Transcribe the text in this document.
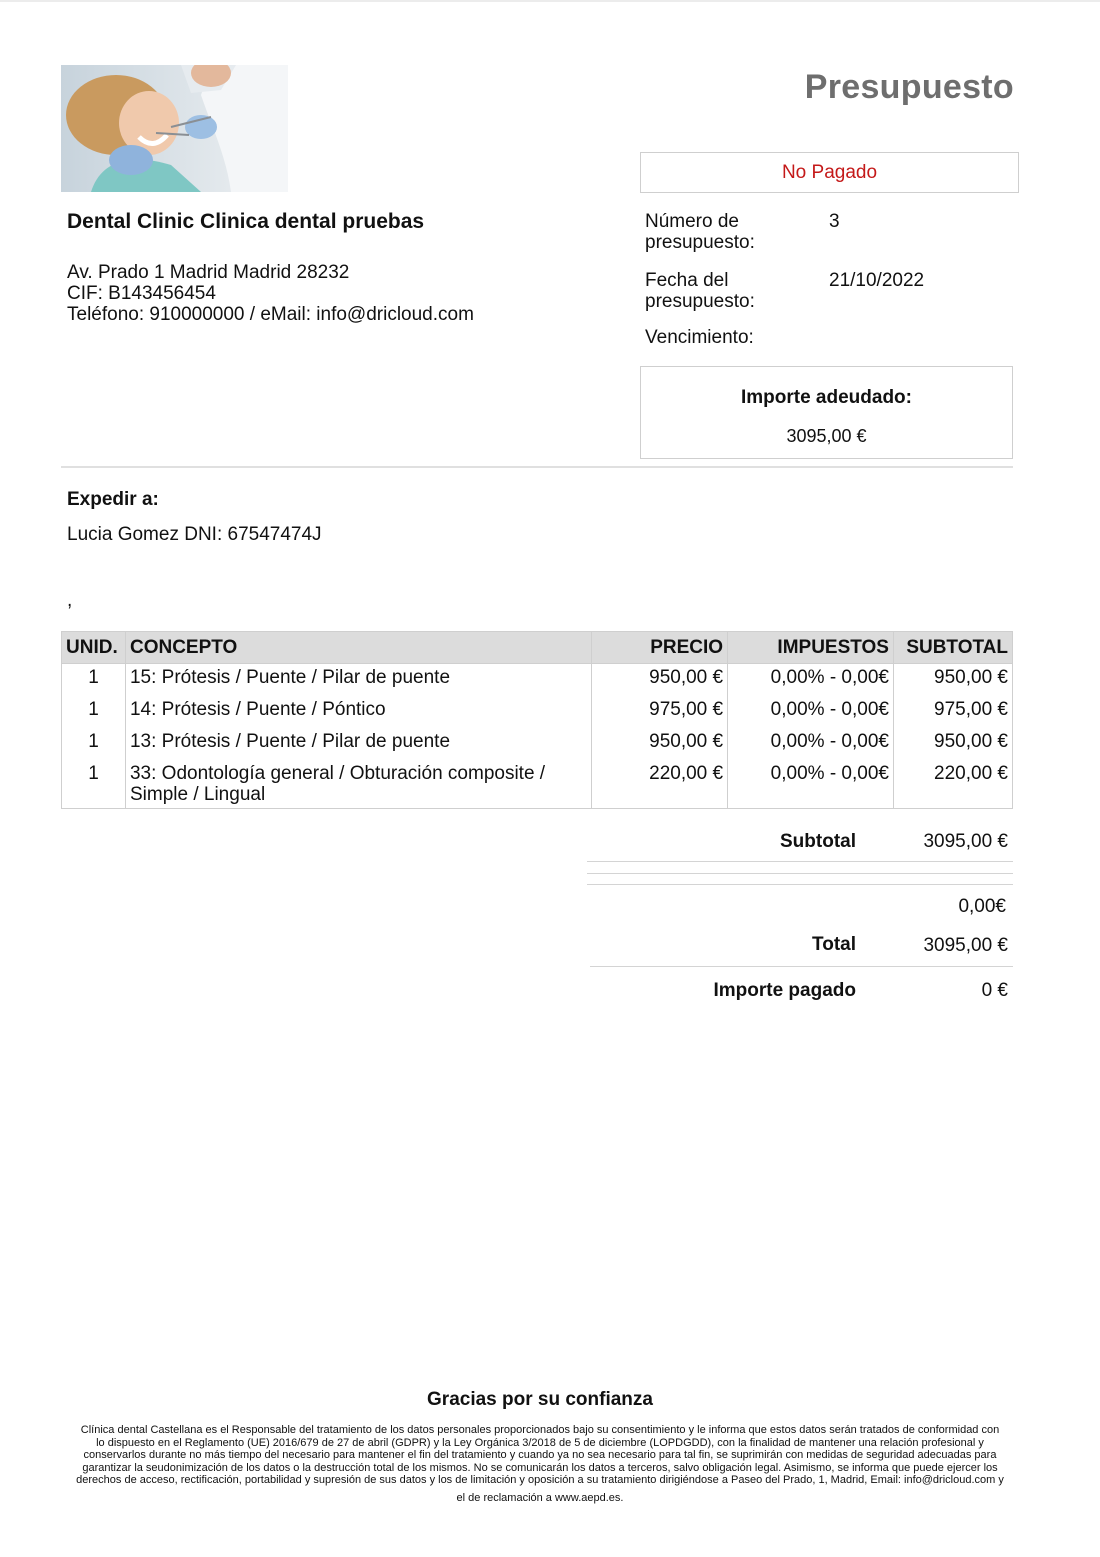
Presupuesto
No Pagado
Dental Clinic Clinica dental pruebas
Av. Prado 1 Madrid Madrid 28232
CIF: B143456454
Teléfono: 910000000 / eMail: info@dricloud.com
Número de
presupuesto:
3
Fecha del
presupuesto:
21/10/2022
Vencimiento:
Importe adeudado:
3095,00 €
Expedir a:
Lucia Gomez DNI: 67547474J
,
UNID.	CONCEPTO	PRECIO	IMPUESTOS	SUBTOTAL
1	15: Prótesis / Puente / Pilar de puente	950,00 €	0,00% - 0,00€	950,00 €
1	14: Prótesis / Puente / Póntico	975,00 €	0,00% - 0,00€	975,00 €
1	13: Prótesis / Puente / Pilar de puente	950,00 €	0,00% - 0,00€	950,00 €
1	33: Odontología general / Obturación composite /
Simple / Lingual	220,00 €	0,00% - 0,00€	220,00 €
Subtotal	3095,00 €
0,00€
Total	3095,00 €
Importe pagado	0 €
Gracias por su confianza
Clínica dental Castellana es el Responsable del tratamiento de los datos personales proporcionados bajo su consentimiento y le informa que estos datos serán tratados de conformidad con
lo dispuesto en el Reglamento (UE) 2016/679 de 27 de abril (GDPR) y la Ley Orgánica 3/2018 de 5 de diciembre (LOPDGDD), con la finalidad de mantener una relación profesional y
conservarlos durante no más tiempo del necesario para mantener el fin del tratamiento y cuando ya no sea necesario para tal fin, se suprimirán con medidas de seguridad adecuadas para
garantizar la seudonimización de los datos o la destrucción total de los mismos. No se comunicarán los datos a terceros, salvo obligación legal. Asimismo, se informa que puede ejercer los
derechos de acceso, rectificación, portabilidad y supresión de sus datos y los de limitación y oposición a su tratamiento dirigiéndose a Paseo del Prado, 1, Madrid, Email: info@dricloud.com y
el de reclamación a www.aepd.es.
